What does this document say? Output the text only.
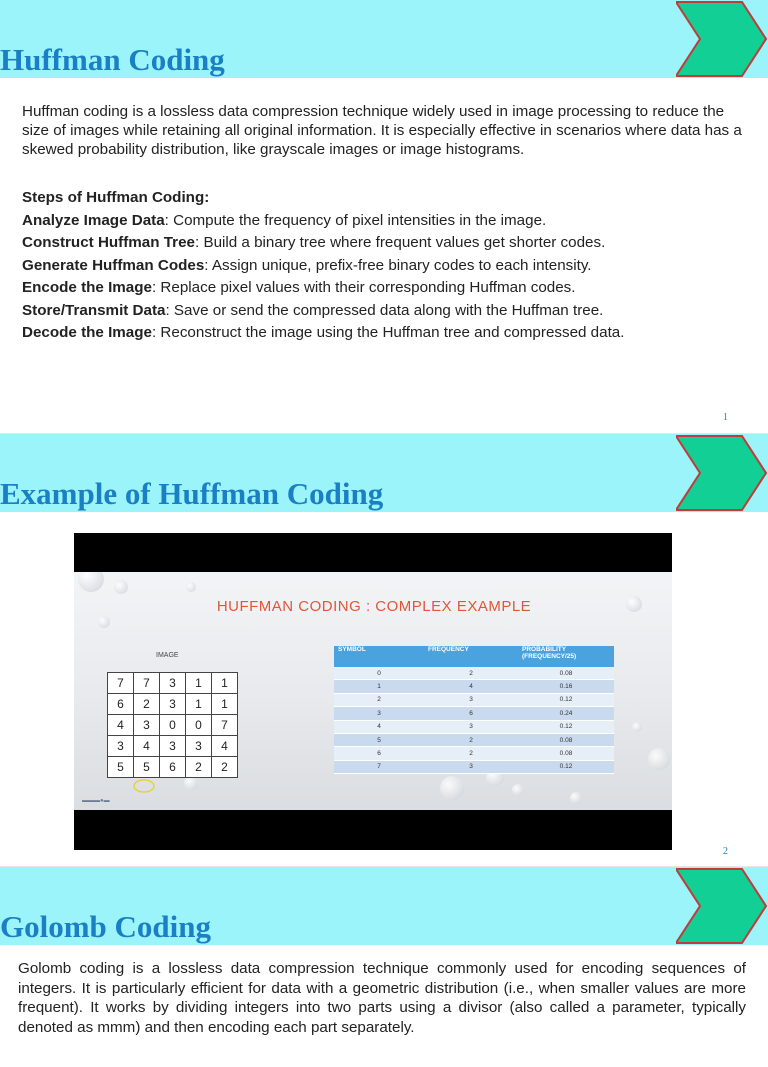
Huffman Coding

Huffman coding is a lossless data compression technique widely used in image processing to reduce the size of images while retaining all original information. It is especially effective in scenarios where data has a skewed probability distribution, like grayscale images or image histograms.

Steps of Huffman Coding:
Analyze Image Data: Compute the frequency of pixel intensities in the image.
Construct Huffman Tree: Build a binary tree where frequent values get shorter codes.
Generate Huffman Codes: Assign unique, prefix-free binary codes to each intensity.
Encode the Image: Replace pixel values with their corresponding Huffman codes.
Store/Transmit Data: Save or send the compressed data along with the Huffman tree.
Decode the Image: Reconstruct the image using the Huffman tree and compressed data.
1
Example of Huffman Coding
HUFFMAN CODING : COMPLEX EXAMPLE
IMAGE
7	7	3	1	1
6	2	3	1	1
4	3	0	0	7
3	4	3	3	4
5	5	6	2	2
SYMBOL	FREQUENCY	PROBABILITY (FREQUENCY/25)
0	2	0.08
1	4	0.16
2	3	0.12
3	6	0.24
4	3	0.12
5	2	0.08
6	2	0.08
7	3	0.12
▬▬▬●▬
2
Golomb Coding

Golomb coding is a lossless data compression technique commonly used for encoding sequences of integers. It is particularly efficient for data with a geometric distribution (i.e., when smaller values are more frequent). It works by dividing integers into two parts using a divisor (also called a parameter, typically denoted as mmm) and then encoding each part separately.
